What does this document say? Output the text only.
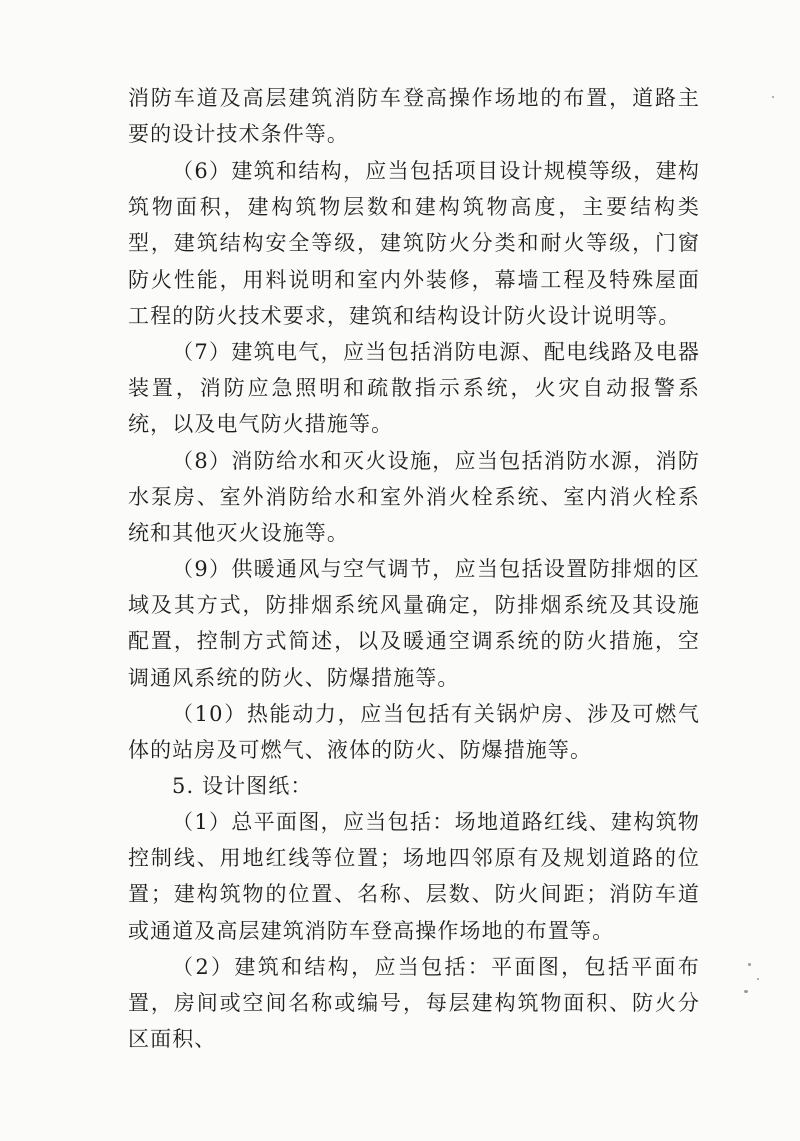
消防车道及高层建筑消防车登高操作场地的布置，道路主要的设计技术条件等。

（6）建筑和结构，应当包括项目设计规模等级，建构筑物面积，建构筑物层数和建构筑物高度，主要结构类型，建筑结构安全等级，建筑防火分类和耐火等级，门窗防火性能，用料说明和室内外装修，幕墙工程及特殊屋面工程的防火技术要求，建筑和结构设计防火设计说明等。

（7）建筑电气，应当包括消防电源、配电线路及电器装置，消防应急照明和疏散指示系统，火灾自动报警系统，以及电气防火措施等。

（8）消防给水和灭火设施，应当包括消防水源，消防水泵房、室外消防给水和室外消火栓系统、室内消火栓系统和其他灭火设施等。

（9）供暖通风与空气调节，应当包括设置防排烟的区域及其方式，防排烟系统风量确定，防排烟系统及其设施配置，控制方式简述，以及暖通空调系统的防火措施，空调通风系统的防火、防爆措施等。

（10）热能动力，应当包括有关锅炉房、涉及可燃气体的站房及可燃气、液体的防火、防爆措施等。

5. 设计图纸：

（1）总平面图，应当包括：场地道路红线、建构筑物控制线、用地红线等位置；场地四邻原有及规划道路的位置；建构筑物的位置、名称、层数、防火间距；消防车道或通道及高层建筑消防车登高操作场地的布置等。

（2）建筑和结构，应当包括：平面图，包括平面布置，房间或空间名称或编号，每层建构筑物面积、防火分区面积、
